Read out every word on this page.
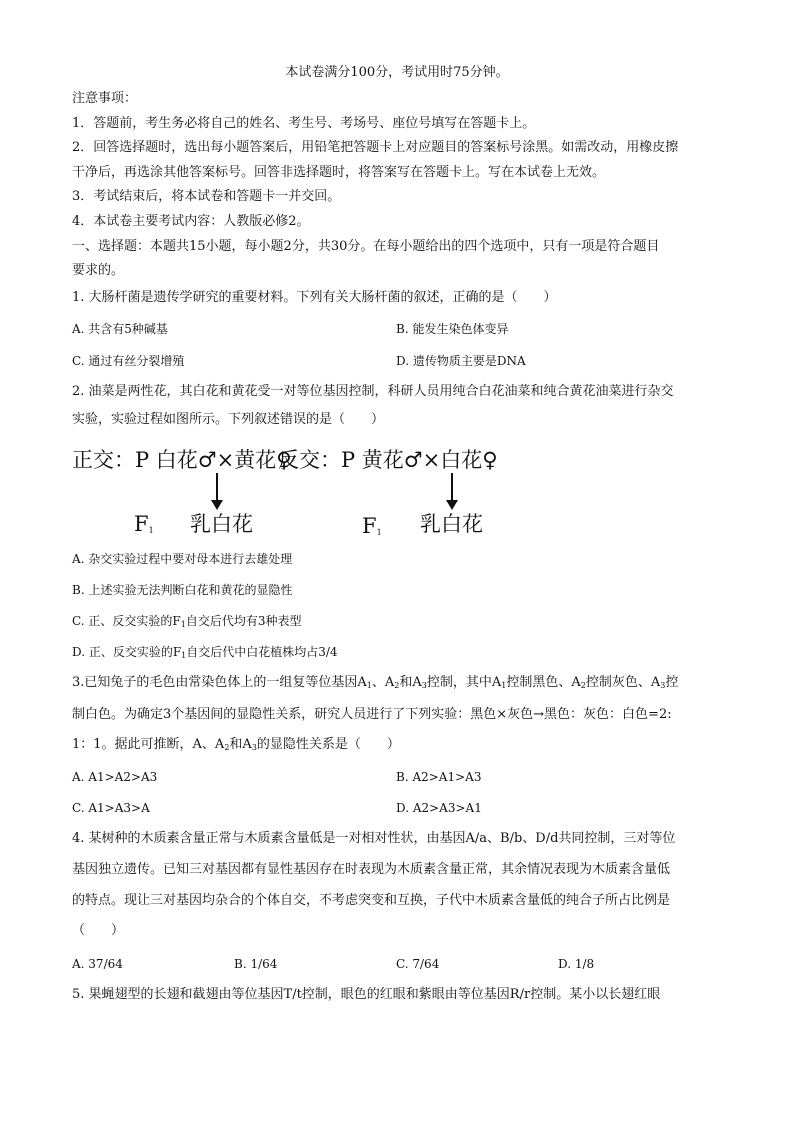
本试卷满分100分，考试用时75分钟。
注意事项：
1．答题前，考生务必将自己的姓名、考生号、考场号、座位号填写在答题卡上。
2．回答选择题时，选出每小题答案后，用铅笔把答题卡上对应题目的答案标号涂黑。如需改动，用橡皮擦
干净后，再选涂其他答案标号。回答非选择题时，将答案写在答题卡上。写在本试卷上无效。
3．考试结束后，将本试卷和答题卡一并交回。
4．本试卷主要考试内容：人教版必修2。
一、选择题：本题共15小题，每小题2分，共30分。在每小题给出的四个选项中，只有一项是符合题目
要求的。
1. 大肠杆菌是遗传学研究的重要材料。下列有关大肠杆菌的叙述，正确的是（　　）
A. 共含有5种碱基	B. 能发生染色体变异
C. 通过有丝分裂增殖	D. 遗传物质主要是DNA
2. 油菜是两性花，其白花和黄花受一对等位基因控制，科研人员用纯合白花油菜和纯合黄花油菜进行杂交
实验，实验过程如图所示。下列叙述错误的是（　　）
正交：P 白花♂×黄花♀
反交：P 黄花♂×白花♀
$F_1$ 乳白花	$F_1$ 乳白花
A. 杂交实验过程中要对母本进行去雄处理
B. 上述实验无法判断白花和黄花的显隐性
C. 正、反交实验的$F_1$自交后代均有3种表型
D. 正、反交实验的$F_1$自交后代中白花植株均占3/4
3.已知兔子的毛色由常染色体上的一组复等位基因$A_1$、$A_2$和$A_3$控制，其中$A_1$控制黑色、$A_2$控制灰色、$A_3$控
制白色。为确定3个基因间的显隐性关系，研究人员进行了下列实验：黑色×灰色→黑色：灰色：白色=2:
1：1。据此可推断，A、$A_2$和$A_3$的显隐性关系是（　　）
A. A1>A2>A3	B. A2>A1>A3
C. A1>A3>A	D. A2>A3>A1
4. 某树种的木质素含量正常与木质素含量低是一对相对性状，由基因A/a、B/b、D/d共同控制，三对等位
基因独立遗传。已知三对基因都有显性基因存在时表现为木质素含量正常，其余情况表现为木质素含量低
的特点。现让三对基因均杂合的个体自交，不考虑突变和互换，子代中木质素含量低的纯合子所占比例是
（　　）
A. 37/64	B. 1/64	C. 7/64	D. 1/8
5. 果蝇翅型的长翅和截翅由等位基因T/t控制，眼色的红眼和紫眼由等位基因R/r控制。某小以长翅红眼
